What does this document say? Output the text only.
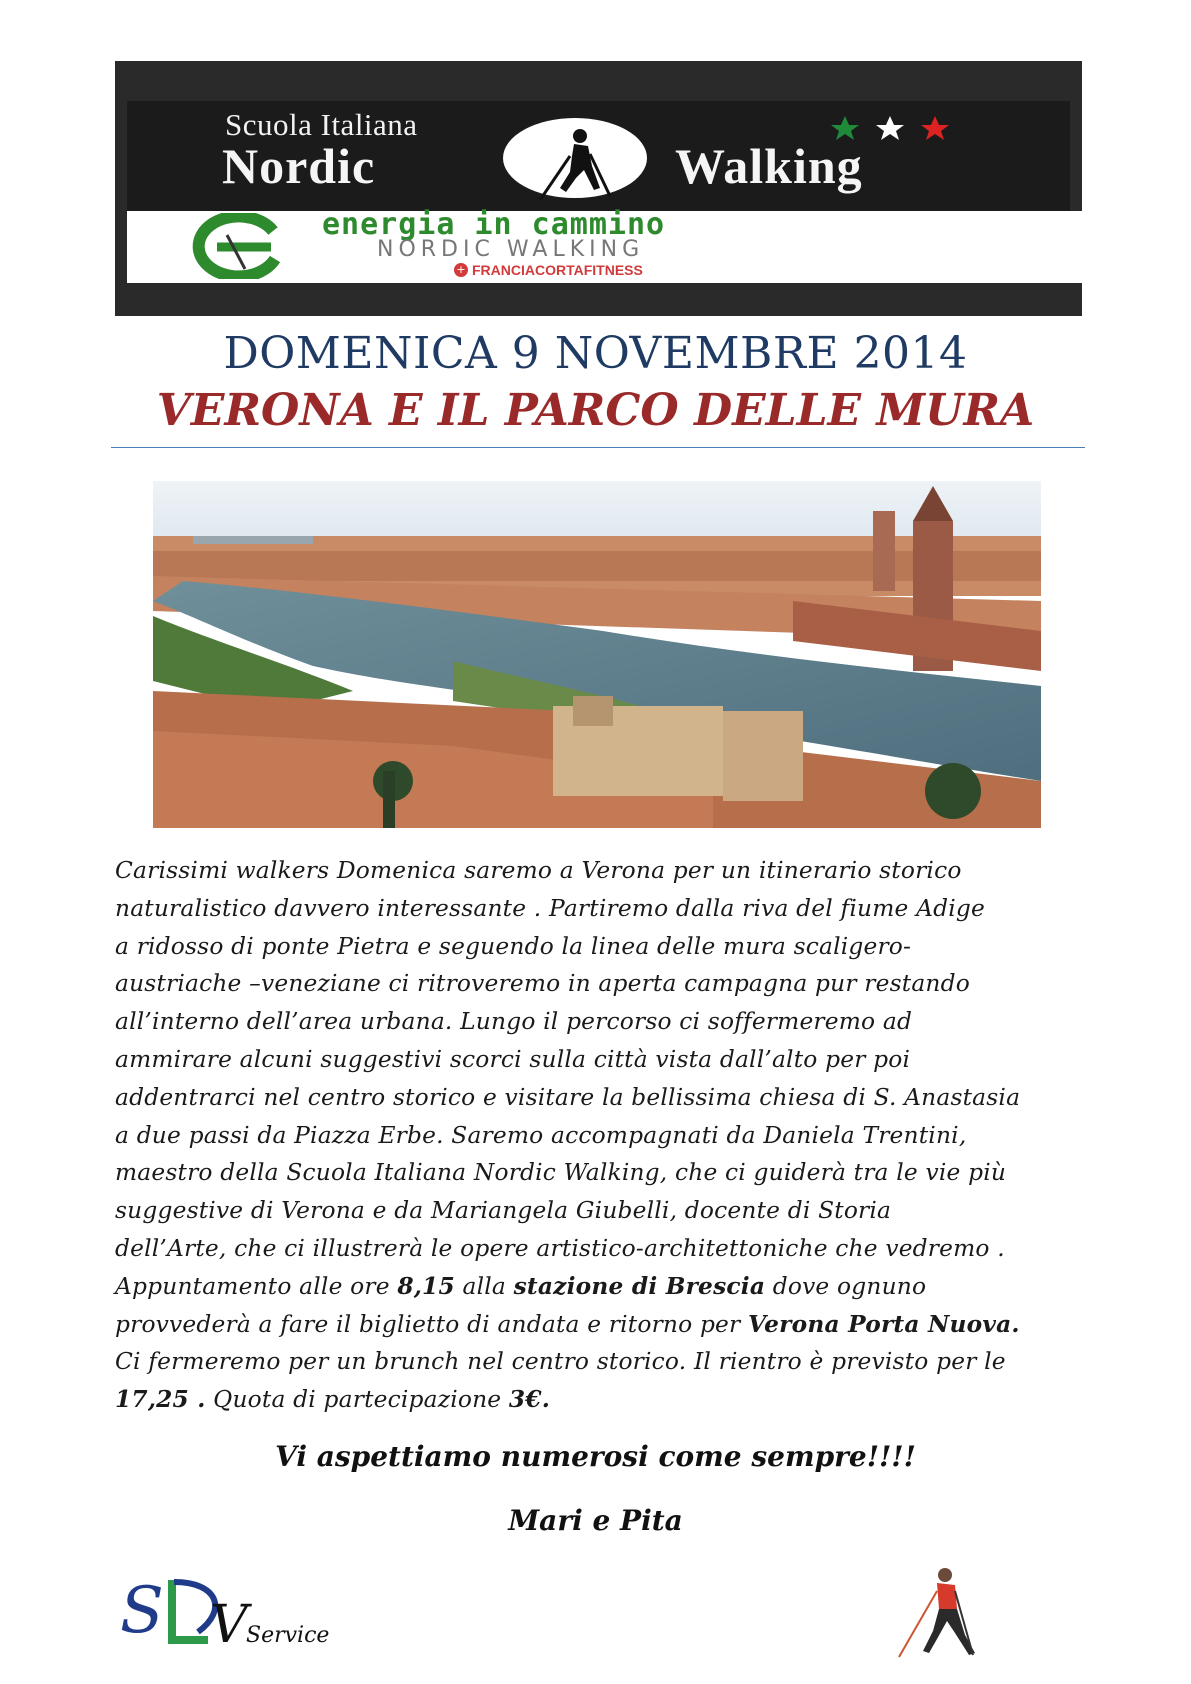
Scuola Italiana
Nordic	Walking
energia in cammino
NORDIC WALKING
+ FRANCIACORTAFITNESS
DOMENICA 9 NOVEMBRE 2014
VERONA E IL PARCO DELLE MURA
Carissimi walkers Domenica saremo a Verona per un itinerario storico
naturalistico davvero interessante . Partiremo dalla riva del fiume Adige
a ridosso di ponte Pietra e seguendo la linea delle mura scaligero-
austriache –veneziane ci ritroveremo in aperta campagna pur restando
all’interno dell’area urbana. Lungo il percorso ci soffermeremo ad
ammirare alcuni suggestivi scorci sulla città vista dall’alto per poi
addentrarci nel centro storico e visitare la bellissima chiesa di S. Anastasia
a due passi da Piazza Erbe. Saremo accompagnati da Daniela Trentini,
maestro della Scuola Italiana Nordic Walking, che ci guiderà tra le vie più
suggestive di Verona e da Mariangela Giubelli, docente di Storia
dell’Arte, che ci illustrerà le opere artistico-architettoniche che vedremo .
Appuntamento alle ore 8,15 alla stazione di Brescia dove ognuno
provvederà a fare il biglietto di andata e ritorno per Verona Porta Nuova.
Ci fermeremo per un brunch nel centro storico. Il rientro è previsto per le
17,25 . Quota di partecipazione 3€.
Vi aspettiamo numerosi come sempre!!!!
Mari e Pita
S V
Service
